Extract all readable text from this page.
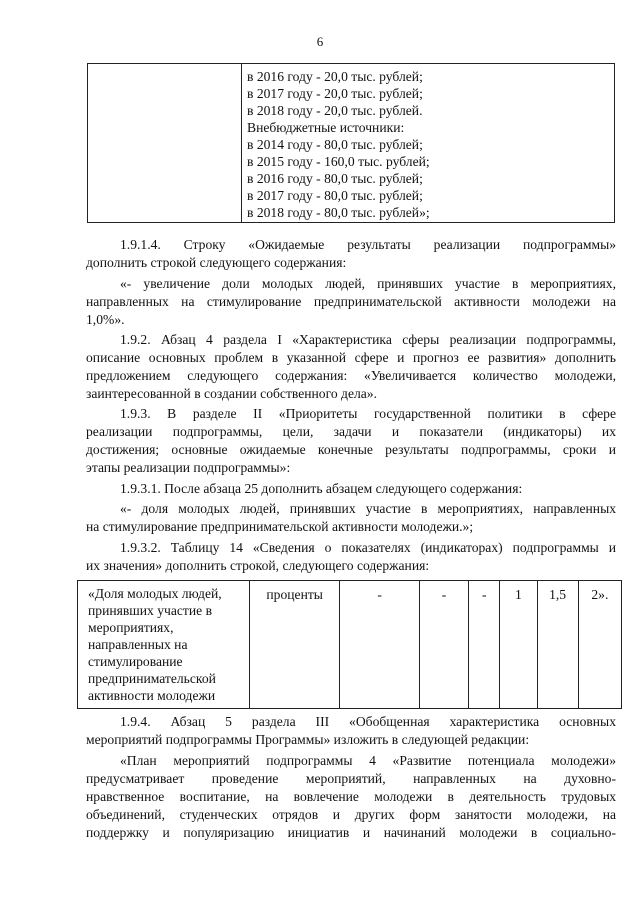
6

в 2016 году - 20,0 тыс. рублей;
в 2017 году - 20,0 тыс. рублей;
в 2018 году - 20,0 тыс. рублей.
Внебюджетные источники:
в 2014 году - 80,0 тыс. рублей;
в 2015 году - 160,0 тыс. рублей;
в 2016 году - 80,0 тыс. рублей;
в 2017 году - 80,0 тыс. рублей;
в 2018 году - 80,0 тыс. рублей»;
1.9.1.4. Строку «Ожидаемые результаты реализации подпрограммы»
дополнить строкой следующего содержания:
«- увеличение доли молодых людей, принявших участие в мероприятиях,
направленных на стимулирование предпринимательской активности молодежи на
1,0%».
1.9.2. Абзац 4 раздела I «Характеристика сферы реализации подпрограммы,
описание основных проблем в указанной сфере и прогноз ее развития» дополнить
предложением следующего содержания: «Увеличивается количество молодежи,
заинтересованной в создании собственного дела».
1.9.3. В разделе II «Приоритеты государственной политики в сфере
реализации подпрограммы, цели, задачи и показатели (индикаторы) их
достижения; основные ожидаемые конечные результаты подпрограммы, сроки и
этапы реализации подпрограммы»:
1.9.3.1. После абзаца 25 дополнить абзацем следующего содержания:
«- доля молодых людей, принявших участие в мероприятиях, направленных
на стимулирование предпринимательской активности молодежи.»;
1.9.3.2. Таблицу 14 «Сведения о показателях (индикаторах) подпрограммы и
их значения» дополнить строкой, следующего содержания:
«Доля молодых людей,
принявших участие в
мероприятиях,
направленных на
стимулирование
предпринимательской
активности молодежи
	проценты	-	-	-	1	1,5	2».
1.9.4. Абзац 5 раздела III «Обобщенная характеристика основных
мероприятий подпрограммы Программы» изложить в следующей редакции:
«План мероприятий подпрограммы 4 «Развитие потенциала молодежи»
предусматривает проведение мероприятий, направленных на духовно-
нравственное воспитание, на вовлечение молодежи в деятельность трудовых
объединений, студенческих отрядов и других форм занятости молодежи, на
поддержку и популяризацию инициатив и начинаний молодежи в социально-
